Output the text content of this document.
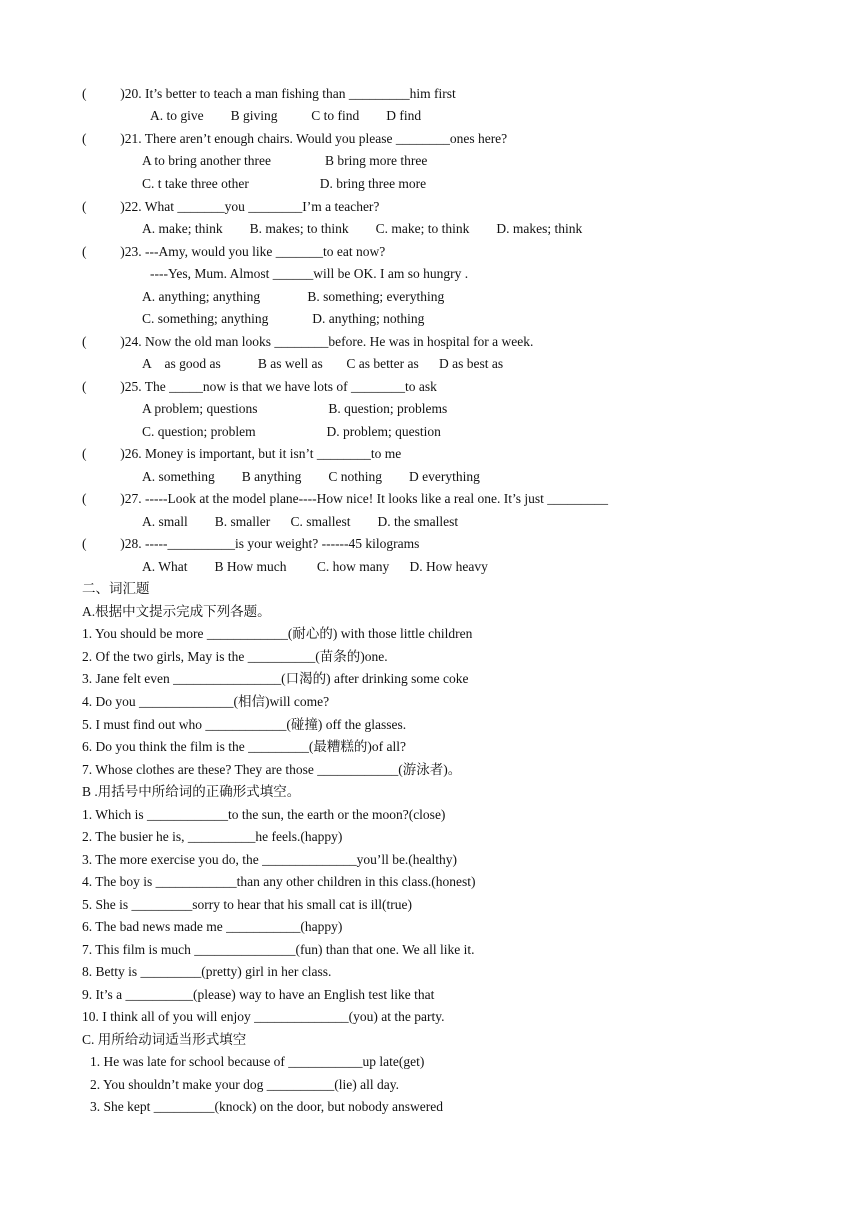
(          )20. It’s better to teach a man fishing than _________him first
A. to give        B giving          C to find        D find
(          )21. There aren’t enough chairs. Would you please ________ones here?
A to bring another three                B bring more three
C. t take three other                     D. bring three more
(          )22. What _______you ________I’m a teacher?
A. make; think        B. makes; to think        C. make; to think        D. makes; think
(          )23. ---Amy, would you like _______to eat now?
----Yes, Mum. Almost ______will be OK. I am so hungry .
A. anything; anything              B. something; everything
C. something; anything             D. anything; nothing
(          )24. Now the old man looks ________before. He was in hospital for a week.
A    as good as           B as well as       C as better as      D as best as
(          )25. The _____now is that we have lots of ________to ask
A problem; questions                     B. question; problems
C. question; problem                     D. problem; question
(          )26. Money is important, but it isn’t ________to me
A. something        B anything        C nothing        D everything
(          )27. -----Look at the model plane----How nice! It looks like a real one. It’s just _________
A. small        B. smaller      C. smallest        D. the smallest
(          )28. -----__________is your weight? ------45 kilograms
A. What        B How much         C. how many      D. How heavy
二、词汇题
A.根据中文提示完成下列各题。
1. You should be more ____________(耐心的) with those little children
2. Of the two girls, May is the __________(苗条的)one.
3. Jane felt even ________________(口渴的) after drinking some coke
4. Do you ______________(相信)will come?
5. I must find out who ____________(碰撞) off the glasses.
6. Do you think the film is the _________(最糟糕的)of all?
7. Whose clothes are these? They are those ____________(游泳者)。
B .用括号中所给词的正确形式填空。
1. Which is ____________to the sun, the earth or the moon?(close)
2. The busier he is, __________he feels.(happy)
3. The more exercise you do, the ______________you’ll be.(healthy)
4. The boy is ____________than any other children in this class.(honest)
5. She is _________sorry to hear that his small cat is ill(true)
6. The bad news made me ___________(happy)
7. This film is much _______________(fun) than that one. We all like it.
8. Betty is _________(pretty) girl in her class.
9. It’s a __________(please) way to have an English test like that
10. I think all of you will enjoy ______________(you) at the party.
C. 用所给动词适当形式填空
1. He was late for school because of ___________up late(get)
2. You shouldn’t make your dog __________(lie) all day.
3. She kept _________(knock) on the door, but nobody answered
